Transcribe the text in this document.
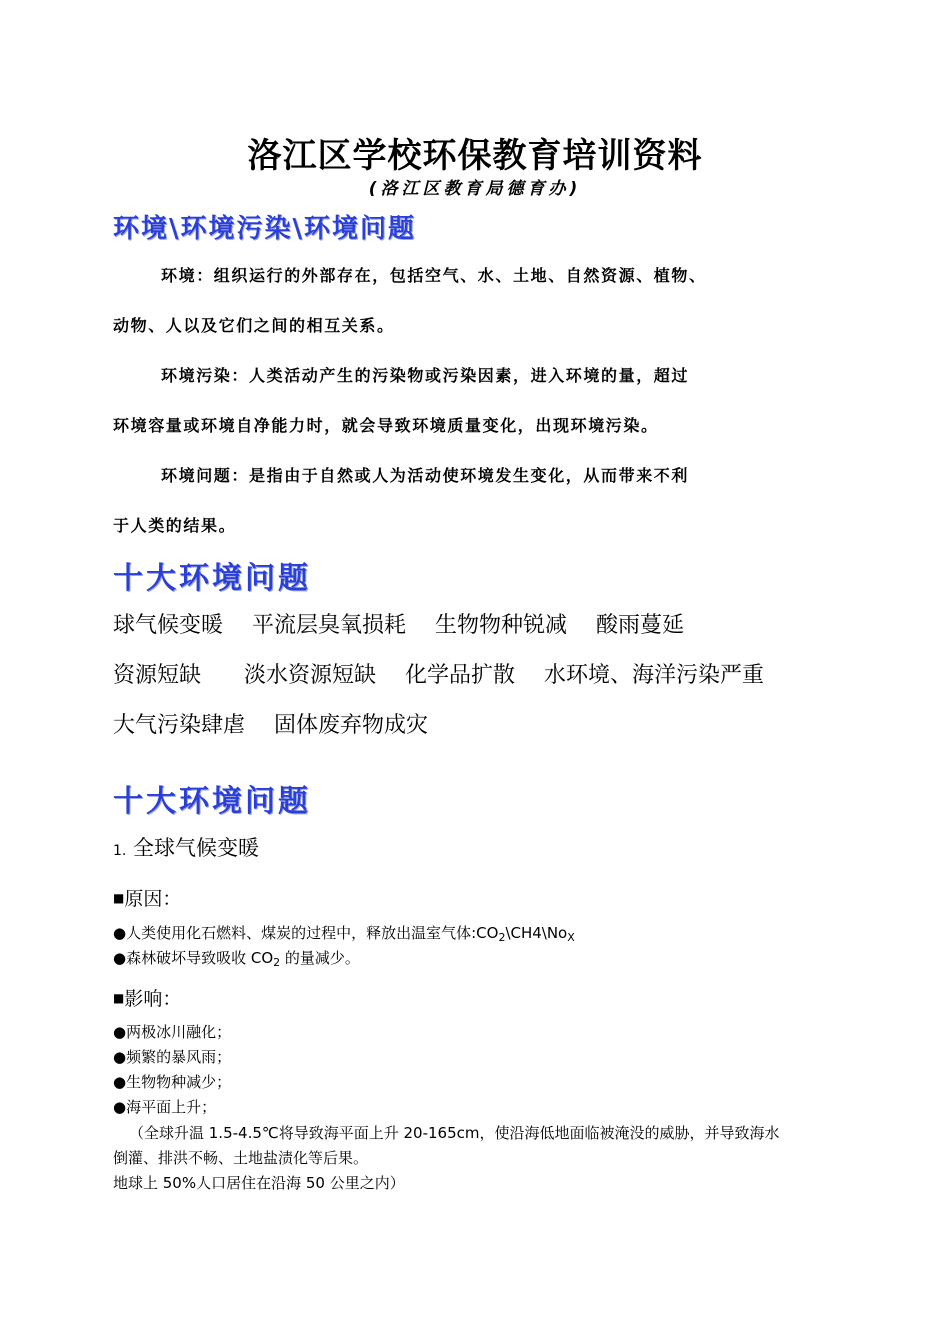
洛江区学校环保教育培训资料
(洛江区教育局德育办)
环境\环境污染\环境问题
环境：组织运行的外部存在，包括空气、水、土地、自然资源、植物、
动物、人以及它们之间的相互关系。
环境污染：人类活动产生的污染物或污染因素，进入环境的量，超过
环境容量或环境自净能力时，就会导致环境质量变化，出现环境污染。
环境问题：是指由于自然或人为活动使环境发生变化，从而带来不利
于人类的结果。
十大环境问题
球气候变暖 平流层臭氧损耗 生物物种锐减 酸雨蔓延
资源短缺 淡水资源短缺 化学品扩散 水环境、海洋污染严重
大气污染肆虐 固体废弃物成灾
十大环境问题
1. 全球气候变暖
■原因：
●人类使用化石燃料、煤炭的过程中，释放出温室气体$:CO_2\backslash CH4\backslash No_X$
●森林破坏导致吸收 $CO_2$ 的量减少。
■影响：
●两极冰川融化；
●频繁的暴风雨；
●生物物种减少；
●海平面上升；
（全球升温 1.5-4.5℃将导致海平面上升 20-165cm，使沿海低地面临被淹没的威胁，并导致海水
倒灌、排洪不畅、土地盐渍化等后果。
地球上 50%人口居住在沿海 50 公里之内）
